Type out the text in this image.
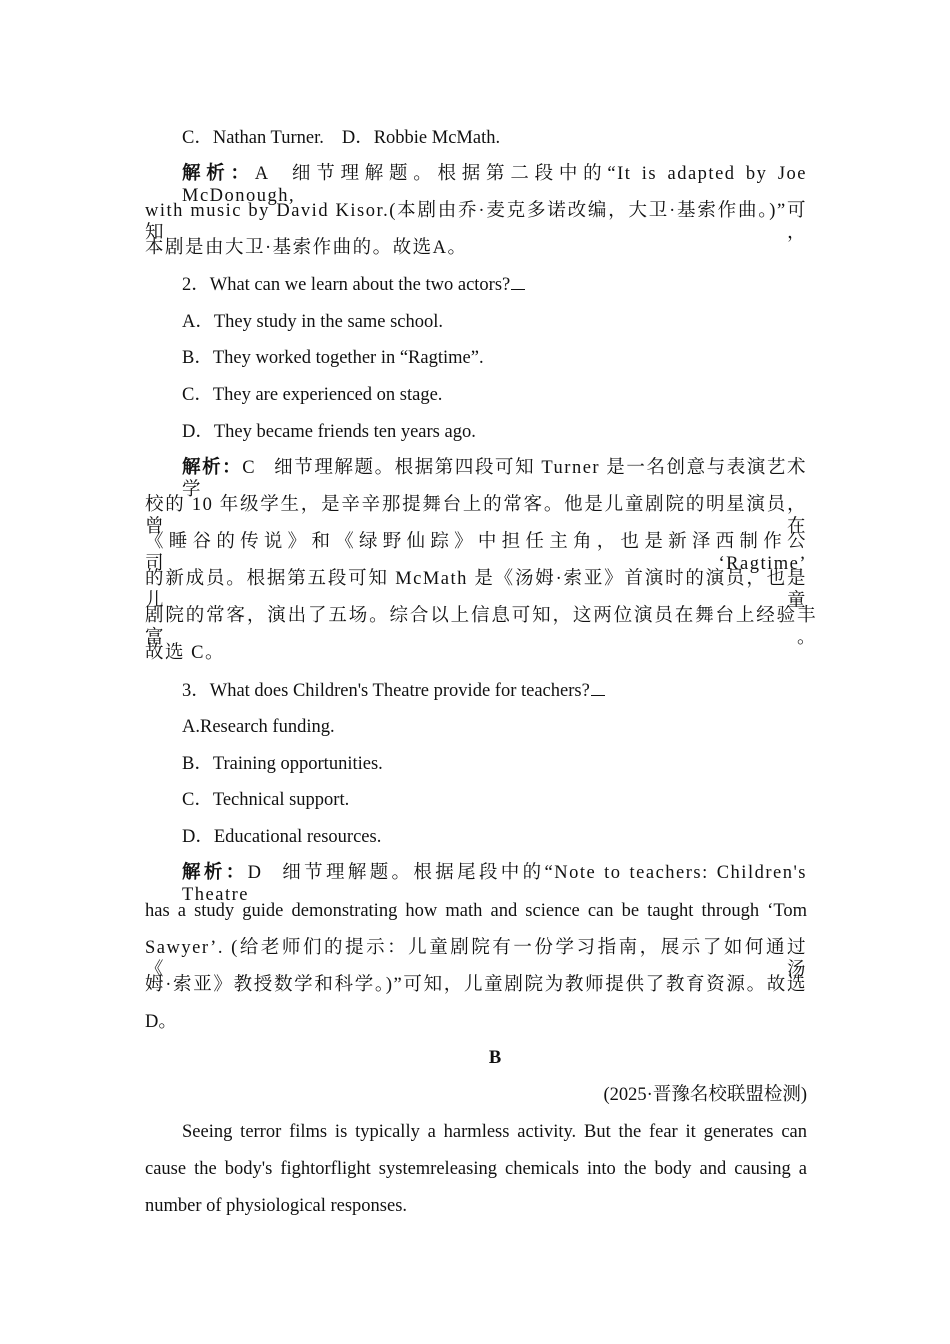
C．Nathan Turner. D．Robbie McMath.
解析：A 细节理解题。根据第二段中的“It is adapted by Joe McDonough,
with music by David Kisor.(本剧由乔·麦克多诺改编，大卫·基索作曲。)”可知，
本剧是由大卫·基索作曲的。故选A。
2．What can we learn about the two actors?
A．They study in the same school.
B．They worked together in “Ragtime”.
C．They are experienced on stage.
D．They became friends ten years ago.
解析：C 细节理解题。根据第四段可知 Turner 是一名创意与表演艺术学
校的 10 年级学生，是辛辛那提舞台上的常客。他是儿童剧院的明星演员，曾在
《睡谷的传说》和《绿野仙踪》中担任主角，也是新泽西制作公司‘Ragtime’
的新成员。根据第五段可知 McMath 是《汤姆·索亚》首演时的演员，也是儿童
剧院的常客，演出了五场。综合以上信息可知，这两位演员在舞台上经验丰富。
故选 C。
3．What does Children's Theatre provide for teachers?
A.Research funding.
B．Training opportunities.
C．Technical support.
D．Educational resources.
解析：D 细节理解题。根据尾段中的“Note to teachers: Children's Theatre
has a study guide demonstrating how math and science can be taught through ‘Tom
Sawyer’. (给老师们的提示：儿童剧院有一份学习指南，展示了如何通过《汤
姆·索亚》教授数学和科学。)”可知，儿童剧院为教师提供了教育资源。故选
D。
B
(2025·晋豫名校联盟检测)
Seeing terror films is typically a harmless activity. But the fear it generates can
cause the body's fightorflight systemreleasing chemicals into the body and causing a
number of physiological responses.
